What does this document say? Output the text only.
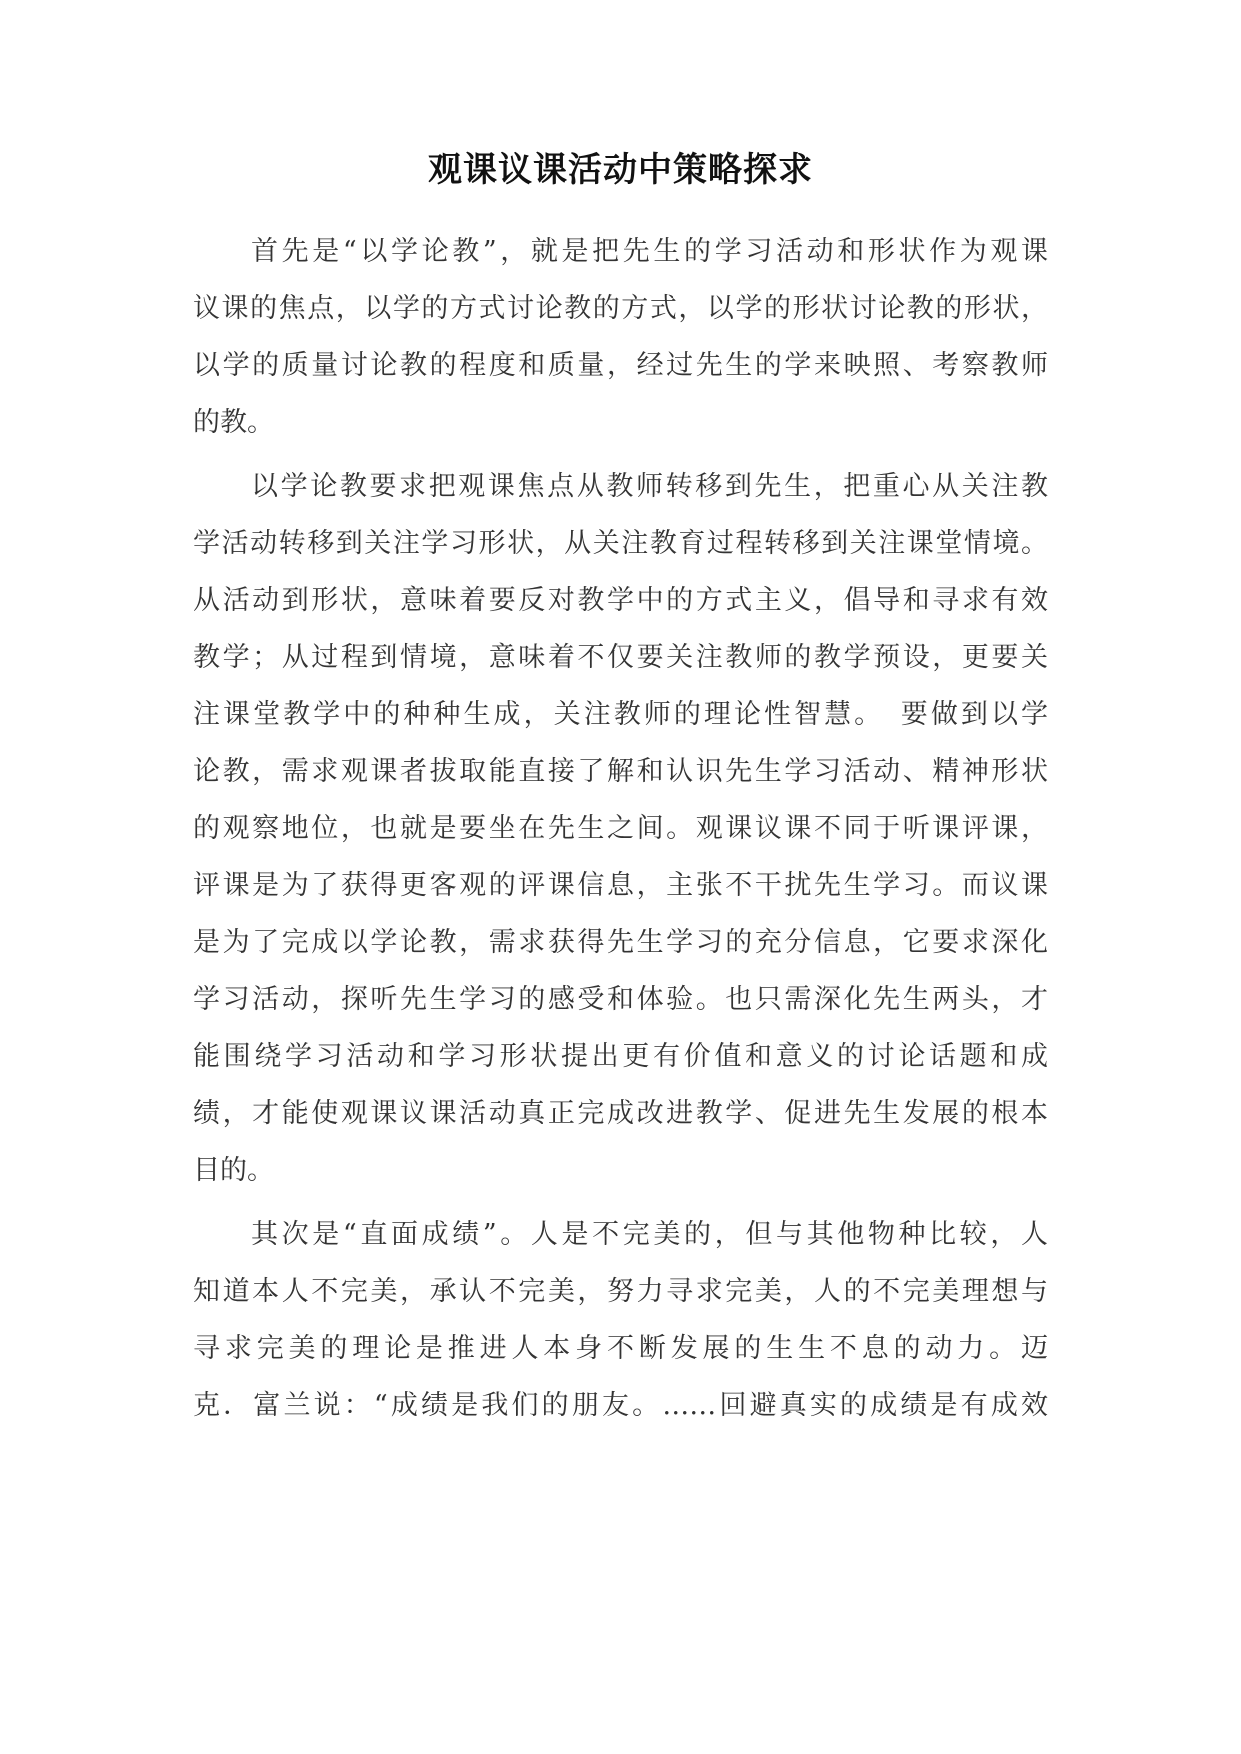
观课议课活动中策略探求
首先是“以学论教”，就是把先生的学习活动和形状作为观课
议课的焦点，以学的方式讨论教的方式，以学的形状讨论教的形状，
以学的质量讨论教的程度和质量，经过先生的学来映照、考察教师
的教。
以学论教要求把观课焦点从教师转移到先生，把重心从关注教
学活动转移到关注学习形状，从关注教育过程转移到关注课堂情境。
从活动到形状，意味着要反对教学中的方式主义，倡导和寻求有效
教学；从过程到情境，意味着不仅要关注教师的教学预设，更要关
注课堂教学中的种种生成，关注教师的理论性智慧。　要做到以学
论教，需求观课者拔取能直接了解和认识先生学习活动、精神形状
的观察地位，也就是要坐在先生之间。观课议课不同于听课评课，
评课是为了获得更客观的评课信息，主张不干扰先生学习。而议课
是为了完成以学论教，需求获得先生学习的充分信息，它要求深化
学习活动，探听先生学习的感受和体验。也只需深化先生两头，才
能围绕学习活动和学习形状提出更有价值和意义的讨论话题和成
绩，才能使观课议课活动真正完成改进教学、促进先生发展的根本
目的。
其次是“直面成绩”。人是不完美的，但与其他物种比较，人
知道本人不完美，承认不完美，努力寻求完美，人的不完美理想与
寻求完美的理论是推进人本身不断发展的生生不息的动力。迈
克．富兰说：“成绩是我们的朋友。……回避真实的成绩是有成效
